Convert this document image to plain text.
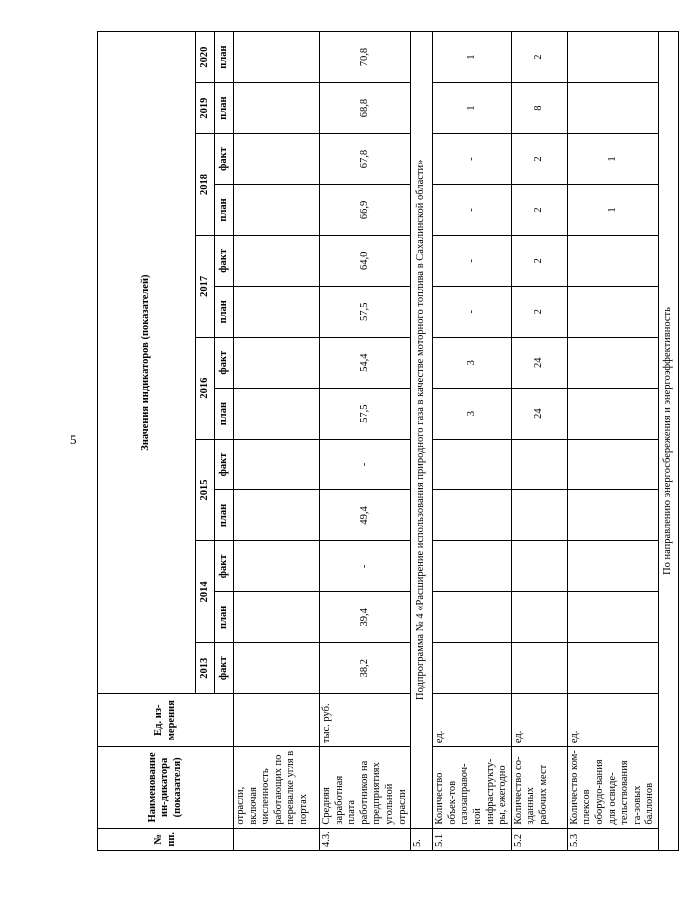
5
№ пп.	Наименование ин-дикатора (показателя)	Ед. из-мерения	Значения индикаторов (показателей)												
			2013	2014		2015		2016		2017		2018		2019	2020
			факт	план	факт	план	факт	план	факт	план	факт	план	факт	план	план
	отрасли, включая численность работающих по перевалке угля в портах														
4.3.	Средняя заработная плата работников на предприятиях угольной отрасли	тыс. руб.	38,2	39,4	-	49,4	-	57,5	54,4	57,5	64,0	66,9	67,8	68,8	70,8
5.	Подпрограмма № 4 «Расширение использования природного газа в качестве моторного топлива в Сахалинской области»														
5.1	Количество объек-тов газозаправоч-ной инфраструкту-ры, ежегодно	ед.						3	3	-	-	-	-	1	1
5.2	Количество со-зданных рабочих мест	ед.						24	24	2	2	2	2	8	2
5.3	Количество ком-плексов оборудо-вания для освиде-тельствования га-зовых баллонов	ед.										1	1		
По направлению энергосбережения и энергоэффективность															
